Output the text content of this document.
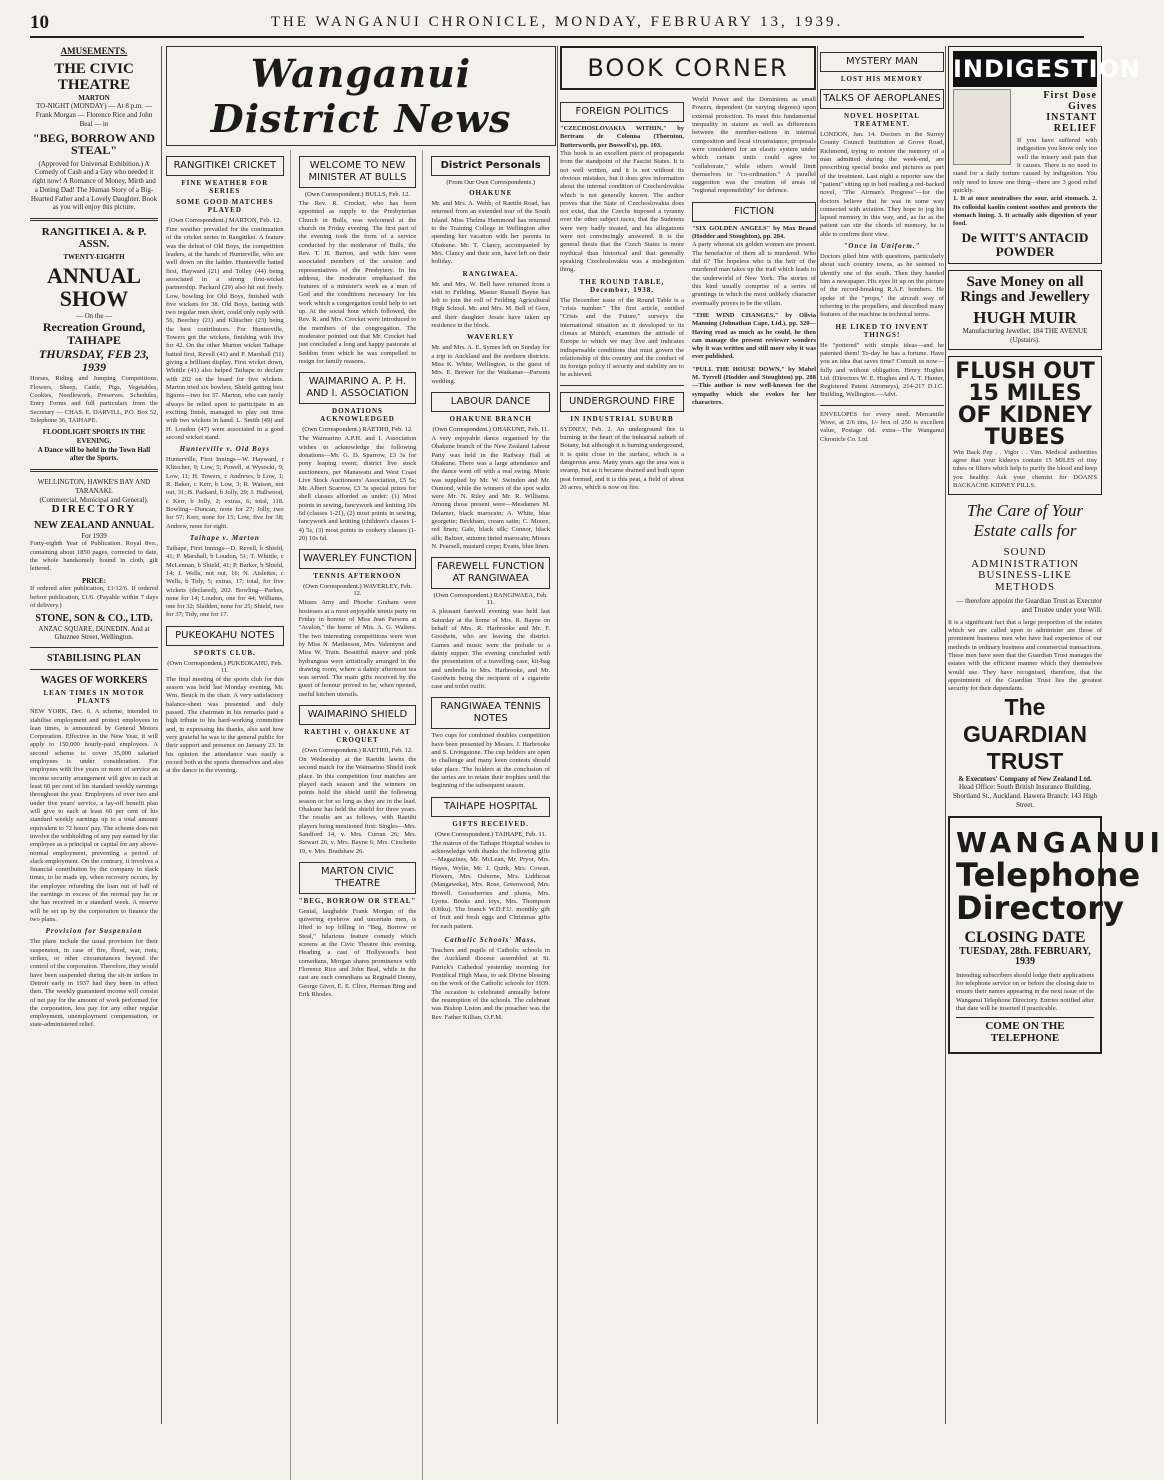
10	THE WANGANUI CHRONICLE, MONDAY, FEBRUARY 13, 1939.
AMUSEMENTS.
THE CIVIC THEATRE
MARTON
TO-NIGHT (MONDAY) — At 8 p.m. —
Frank Morgan — Florence Rice and John Beal — in
"BEG, BORROW AND STEAL"
(Approved for Universal Exhibition.) A Comedy of Cash and a Guy who needed it right now! A Romance of Money, Mirth and a Doting Dad! The Human Story of a Big-Hearted Father and a Lovely Daughter. Book as you will enjoy this picture.
RANGITIKEI A. & P. ASSN.
TWENTY-EIGHTH
ANNUAL SHOW
— On the —
Recreation Ground, TAIHAPE
THURSDAY, FEB 23, 1939
Horses, Riding and Jumping Competitions, Flowers, Sheep, Cattle, Pigs, Vegetables, Cookies, Needlework, Preserves. Schedules, Entry Forms and full particulars from the Secretary — CHAS. E. DARVILL, P.O. Box 52, Telephone 36, TAIHAPE.
FLOODLIGHT SPORTS IN THE EVENING.
A Dance will be held in the Town Hall after the Sports.
WELLINGTON, HAWKE'S BAY AND TARANAKI.
(Commercial, Municipal and General).
DIRECTORY
NEW ZEALAND ANNUAL
For 1939
Forty-eighth Year of Publication. Royal 8vo., containing about 1850 pages, corrected to date, the whole handsomely bound in cloth, gilt lettered.
PRICE:
If ordered after publication, £1/12/6. If ordered before publication, £1/6. (Payable within 7 days of delivery.)
STONE, SON & CO., LTD.
ANZAC SQUARE, DUNEDIN. And at Ghuznee Street, Wellington.
STABILISING PLAN
WAGES OF WORKERS
LEAN TIMES IN MOTOR PLANTS
NEW YORK, Dec. 6. A scheme, intended to stabilise employment and protect employees in lean times, is announced by General Motors Corporation. Effective in the New Year, it will apply to 150,000 hourly-paid employees. A second scheme to cover 35,000 salaried employees is under consideration. For employees with five years or more of service an income security arrangement will give to each at least 60 per cent of his standard weekly earnings throughout the year. Employees of over two and under five years' service, a lay-off benefit plan will give to each at least 60 per cent of his standard weekly earnings up to a total amount equivalent to 72 hours' pay. The scheme does not involve the withholding of any pay earned by the employee as a principal or capital for any above-normal employment, preventing a period of slack employment. On the contrary, it involves a financial contribution by the company in slack times, to be made up, when recovery occurs, by the employee refunding the loan out of half of the earnings in excess of the normal pay he or she has received in a standard week. A reserve will be set up by the corporation to finance the two plans.
Provision for Suspension
The plans include the usual provision for their suspension, in case of fire, flood, war, riots, strikes, or other circumstances beyond the control of the corporation. Therefore, they would have been suspended during the sit-in strikes in Detroit early in 1937 had they been in effect then. The weekly guaranteed income will consist of net pay for the amount of work performed for the corporation, less pay for any other regular employment, unemployment compensation, or state-administered relief.
Wanganui District News
RANGITIKEI CRICKET
FINE WEATHER FOR SERIES
SOME GOOD MATCHES PLAYED
(Own Correspondent.) MARTON, Feb. 12.
Fine weather prevailed for the continuation of the cricket series in Rangitikei. A feature was the defeat of Old Boys, the competition leaders, at the hands of Hunterville, who are well down on the ladder. Hunterville batted first, Hayward (21) and Tolley (44) being associated in a strong first-wicket partnership. Packard (29) also hit out freely. Low, bowling for Old Boys, finished with five wickets for 38. Old Boys, batting with two regular men short, could only reply with 56, Beechey (21) and Klitscher (23) being the best contributors. For Hunterville, Towers got the wickets, finishing with five for 42. On the other Marton wicket Taihape batted first, Revell (41) and P. Marshall (51) giving a brilliant display. First wicket down, Whittle (41) also helped Taihape to declare with 202 on the board for five wickets. Marton tried six bowlers, Shield getting best figures—two for 37. Marton, who can rarely always be relied upon to participate in an exciting finish, managed to play out time with two wickets in hand. L. Smith (49) and H. Loudon (47) were associated in a good second wicket stand.
Hunterville v. Old Boys
Hunterville, First Innings—W. Hayward, r Klitscher, 9; Low, 5; Powell, st Wysocki, 9; Low, 11; H. Towers, c Andrews, b Low, 1; R. Baker, c Kerr, b Low, 3; R. Watson, not out, 31; B. Packard, b Jolly, 29; J. Hallwood, c Kerr, b Jolly, 2; extras, 6; total, 118. Bowling—Duncan, none for 27; Jolly, two for 57; Kerr, none for 15; Low, five for 38; Andrew, none for eight.
Taihape v. Marton
Taihape, First Innings—D. Revell, b Shield, 41; P. Marshall, b Loudon, 51; T. Whittle, c McLennan, b Shield, 41; P. Barker, b Shield, 14; J. Wells, not out, 16; N. Aislettes, c Wells, b Tidy, 5; extras, 17; total, for five wickets (declared), 202. Bowling—Parkes, none for 14; Loudon, one for 44; Williams, one for 32; Sladden, none for 25; Shield, two for 37; Tidy, one for 17.
PUKEOKAHU NOTES
SPORTS CLUB.
(Own Correspondent.) PUKEOKAHU, Feb. 11.
The final meeting of the sports club for this season was held last Monday evening, Mr. Wm. Beuck in the chair. A very satisfactory balance-sheet was presented and duly passed. The chairman in his remarks paid a high tribute to his hard-working committee and, in expressing his thanks, also said how very grateful he was to the general public for their support and presence on January 23. In his opinion the attendance was easily a record both at the sports themselves and also at the dance in the evening.
WELCOME TO NEW MINISTER AT BULLS
(Own Correspondent.) BULLS, Feb. 12.
The Rev. R. Crocket, who has been appointed as supply to the Presbyterian Church in Bulls, was welcomed at the church on Friday evening. The first part of the evening took the form of a service conducted by the moderator of Bulls, the Rev. T. H. Burton, and with him were associated members of the session and representatives of the Presbytery. In his address, the moderator emphasised the features of a minister's work as a man of God and the conditions necessary for his work which a congregation could help to set up. At the social hour which followed, the Rev. R. and Mrs. Crocket were introduced to the members of the congregation. The moderator pointed out that Mr. Crocket had just concluded a long and happy pastorate at Seddon from which he was compelled to resign for family reasons.
WAIMARINO A. P. H. AND I. ASSOCIATION
DONATIONS ACKNOWLEDGED
(Own Correspondent.) RAETIHI, Feb. 12.
The Waimarino A.P.H. and I. Association wishes to acknowledge the following donations—Mr. G. D. Sparrow, £3 3s for pony leaping event; district live stock auctioneers, per Manawatu and West Coast Live Stock Auctioneers' Association, £5 5s; Mr. Albert Scarrow, £3 3s special prizes for shell classes afforded as under: (1) Most points in sewing, fancywork and knitting 10s 6d (classes 1-21), (2) most points in sewing, fancywork and knitting (children's classes 1-4) 5s, (3) most points in cookery classes (1-20) 10s 6d.
WAVERLEY FUNCTION
TENNIS AFTERNOON
(Own Correspondent.) WAVERLEY, Feb. 12.
Misses Amy and Phoebe Graham were hostesses at a most enjoyable tennis party on Friday in honour of Miss Jean Parsons at "Avalon," the home of Mrs. A. G. Walters. The two interesting competitions were won by Miss N. Mathieson, Mrs. Valentyne and Miss W. Train. Beautiful mauve and pink hydrangeas were artistically arranged in the drawing room, where a dainty afternoon tea was served. The main gifts received by the guest of honour proved to be, when opened, useful kitchen utensils.
WAIMARINO SHIELD
RAETIHI v. OHAKUNE AT CROQUET
(Own Correspondent.) RAETIHI, Feb. 12.
On Wednesday at the Raetihi lawns the second match for the Waimarino Shield took place. In this competition four matches are played each season and the winners on points hold the shield until the following season or for so long as they are in the lead. Ohakune has held the shield for three years. The results are as follows, with Raetihi players being mentioned first: Singles—Mrs. Sandford 14, v. Mrs. Curran 26; Mrs. Stewart 26, v. Mrs. Bayne 6; Mrs. Ciochetto 19, v. Mrs. Bradshaw 26.
MARTON CIVIC THEATRE
"BEG, BORROW OR STEAL"
Genial, laughable Frank Morgan of the quivering eyebrow and uncertain men, is lifted to top billing in "Beg, Borrow or Steal," hilarious feature comedy which screens at the Civic Theatre this evening. Heading a cast of Hollywood's best comedians, Morgan shares prominence with Florence Rice and John Beal, while in the cast are such comedians as Reginald Denny, George Givot, E. E. Clive, Herman Bing and Erik Rhodes.
District Personals
(From Our Own Correspondents.)
OHAKUNE
Mr. and Mrs. A. Webb, of Raetihi Road, has returned from an extended tour of the South Island. Miss Thelma Hammond has returned to the Training College in Wellington after spending her vacation with her parents in Ohakune. Mr. T. Clancy, accompanied by Mrs. Clancy and their son, have left on their holiday.
RANGIWAEA.
Mr. and Mrs. W. Bell have returned from a visit to Feilding. Master Russell Bayne has left to join the roll of Feilding Agricultural High School. Mr. and Mrs. M. Bell of Gore, and their daughter Jessie have taken up residence in the block.
WAVERLEY
Mr. and Mrs. A. E. Symes left on Sunday for a trip to Auckland and the northern districts. Miss K. White, Wellington, is the guest of Mrs. E. Brewer for the Waikanae—Parsons wedding.
LABOUR DANCE
OHAKUNE BRANCH
(Own Correspondent.) OHAKUNE, Feb. 11.
A very enjoyable dance organised by the Ohakune branch of the New Zealand Labour Party was held in the Railway Hall at Ohakune. There was a large attendance and the dance went off with a real swing. Music was supplied by Mr. W. Swinden and Mr. Osmond, while the winners of the spot waltz were Mr. N. Riley and Mr. R. Williams. Among those present were—Mesdames M. Delamer, black marocain; A. White, blue georgette; Beckham, cream satin; C. Moore, red linen; Gale, black silk; Connor, black silk; Baltzer, autumn tinted marocain; Misses N. Pearsell, mustard crepe; Evans, blue linen.
FAREWELL FUNCTION AT RANGIWAEA
(Own Correspondent.) RANGIWAEA, Feb. 11.
A pleasant farewell evening was held last Saturday at the home of Mrs. R. Bayne on behalf of Mrs. R. Harbrooke and Mr. F. Goodwin, who are leaving the district. Games and music were the prelude to a dainty supper. The evening concluded with the presentation of a travelling case, kit-bag and umbrella to Mrs. Harbrooke, and Mr. Goodwin being the recipient of a cigarette case and toilet outfit.
RANGIWAEA TENNIS NOTES
Two cups for combined doubles competition have been presented by Messrs. J. Harbrooke and S. Livingstone. The cup holders are open to challenge and many keen contests should take place. The holders at the conclusion of the series are to retain their trophies until the beginning of the subsequent season.
TAIHAPE HOSPITAL
GIFTS RECEIVED.
(Own Correspondent.) TAIHAPE, Feb. 11.
The matron of the Taihape Hospital wishes to acknowledge with thanks the following gifts—Magazines, Mr. McLean, Mr. Pryor, Mrs. Hayes, Wylie, Mr. J. Quirk, Mrs. Cowan. Flowers, Mrs. Osborne, Mrs. Liddicoat (Mangaweka), Mrs. Rose, Greenwood, Mrs. Howell. Gooseberries and plums, Mrs. Lyons. Books and toys, Mrs. Thompson (Utiku). The branch W.D.F.U. monthly gift of fruit and fresh eggs and Christmas gifts for each patient.
Catholic Schools' Mass.
Teachers and pupils of Catholic schools in the Auckland diocese assembled at St. Patrick's Cathedral yesterday morning for Pontifical High Mass, to ask Divine blessing on the work of the Catholic schools for 1939. The occasion is celebrated annually before the resumption of the schools. The celebrant was Bishop Liston and the preacher was the Rev. Father Killian, O.F.M.
BOOK CORNER
FOREIGN POLITICS
"CZECHOSLOVAKIA WITHIN," by Bertram de Colonna (Thornton, Butterworth, per Boswell's), pp. 103.
This book is an excellent piece of propaganda from the standpoint of the Fascist States. It is not well written, and it is not without its obvious mistakes, but it does give information about the internal condition of Czechoslovakia which is not generally known. The author proves that the State of Czechoslovakia does not exist, that the Czechs imposed a tyranny over the other subject races, that the Sudetens were very badly treated, and his allegations were not convincingly answered. It is the general thesis that the Czech States is more mythical than historical and that generally speaking Czechoslovakia was a misbegotten thing.
THE ROUND TABLE, December, 1938.
The December issue of the Round Table is a "crisis number." The first article, entitled "Crisis and the Future," surveys the international situation as it developed to its climax at Munich, examines the attitude of Europe to which we may live and indicates indispensable conditions that must govern the relationship of this country and the conduct of its foreign policy if security and stability are to be achieved.
UNDERGROUND FIRE
IN INDUSTRIAL SUBURB
SYDNEY, Feb. 2. An underground fire is burning in the heart of the industrial suburb of Botany, but although it is burning underground, it is quite close to the surface, which is a dangerous area. Many years ago the area was a swamp, but as it became drained and built upon peat formed, and it is this peat, a field of about 20 acres, which is now on fire.
World Power and the Dominions as small Powers, dependent (in varying degrees) upon external protection. To meet this fundamental inequality in stature as well as differences between the member-nations in internal composition and local circumstance, proposals were considered for an elastic system under which certain units could agree to "collaborate," while others would limit themselves to "co-ordination." A parallel suggestion was the creation of areas of "regional responsibility" for defence.
FICTION
"SIX GOLDEN ANGELS" by Max Brand (Hodder and Stoughton), pp. 284.
A party whereat six golden women are present. The benefactor of them all is murdered. Who did it? The hopeless who is the heir of the murdered man takes up the trail which leads to the underworld of New York. The stories of this kind usually comprise of a series of gruntings in which the most unlikely character eventually proves to be the villain.
"THE WIND CHANGES," by Olivia Manning (Johnathan Cape, Ltd.), pp. 320—Having read as much as he could, he then can manage the present reviewer wonders why it was written and still more why it was ever published.
"PULL THE HOUSE DOWN," by Mabel M. Tyrrell (Hodder and Stoughton) pp. 288—This author is now well-known for the sympathy which she evokes for her characters.
MYSTERY MAN
LOST HIS MEMORY
TALKS OF AEROPLANES
NOVEL HOSPITAL TREATMENT.
LONDON, Jan. 14. Doctors in the Surrey County Council Institution at Grove Road, Richmond, trying to restore the memory of a man admitted during the week-end, are prescribing special books and pictures as part of the treatment. Last night a reporter saw the "patient" sitting up in bed reading a red-backed novel, "The Airman's Progress"—for the doctors believe that he was in some way connected with aviation. They hope to jog his lapsed memory in this way, and, as far as the patient can stir the chords of memory, he is able to confirm their view.
"Once in Uniform."
Doctors plied him with questions, particularly about such country towns, as he seemed to identify one of the south. Then they handed him a newspaper. His eyes lit up on the picture of the record-breaking R.A.F. bombers. He spoke of the "props," the aircraft way of referring to the propellers, and described many features of the machine in technical terms.
HE LIKED TO INVENT THINGS!
He "pottered" with simple ideas—and he patented them! To-day he has a fortune. Have you an idea that saves time? Consult us now—fully and without obligation. Henry Hughes Ltd. (Directors W. E. Hughes and A. T. Hunter, Registered Patent Attorneys), 214-217 D.I.C. Building, Wellington.—Advt.
ENVELOPES for every need. Mercantile Wove, at 2/6 tins, 1/- box of 250 is excellent value, Postage 6d. extra—The Wanganui Chronicle Co. Ltd.
INDIGESTION
First Dose Gives INSTANT RELIEF
If you have suffered with indigestion you know only too well the misery and pain that it causes. There is no need to stand for a daily torture caused by indigestion. You only need to know one thing—there are 3 good relief quickly.
1. It at once neutralises the sour, acid stomach. 2. Its colloidal kaolin content soothes and protects the stomach lining. 3. It actually aids digestion of your food.
De WITT'S ANTACID POWDER
Save Money on all Rings and Jewellery
HUGH MUIR
Manufacturing Jeweller, 184 THE AVENUE (Upstairs).
FLUSH OUT 15 MILES OF KIDNEY TUBES
Win Back Pep . . Vigor . . Vim. Medical authorities agree that your kidneys contain 15 MILES of tiny tubes or filters which help to purify the blood and keep you healthy. Ask your chemist for DOAN'S BACKACHE KIDNEY PILLS.
The Care of Your Estate calls for
SOUND ADMINISTRATION BUSINESS-LIKE METHODS
— therefore appoint the Guardian Trust as Executor and Trustee under your Will.
It is a significant fact that a large proportion of the estates which we are called upon to administer are those of prominent business men who have had experience of our methods in ordinary business and commercial transactions. These men have seen that the Guardian Trust manages the estates with the efficient manner which they themselves would use. They have recognised, therefore, that the appointment of the Guardian Trust lies the greatest security for their dependants.
The GUARDIAN TRUST
& Executors' Company of New Zealand Ltd.
Head Office: South British Insurance Building, Shortland St., Auckland. Hawera Branch: 143 High Street.
WANGANUI
Telephone Directory
CLOSING DATE
TUESDAY, 28th. FEBRUARY, 1939
Intending subscribers should lodge their applications for telephone service on or before the closing date to ensure their names appearing in the next issue of the Wanganui Telephone Directory. Entries notified after that date will be inserted if practicable.
COME ON THE TELEPHONE
